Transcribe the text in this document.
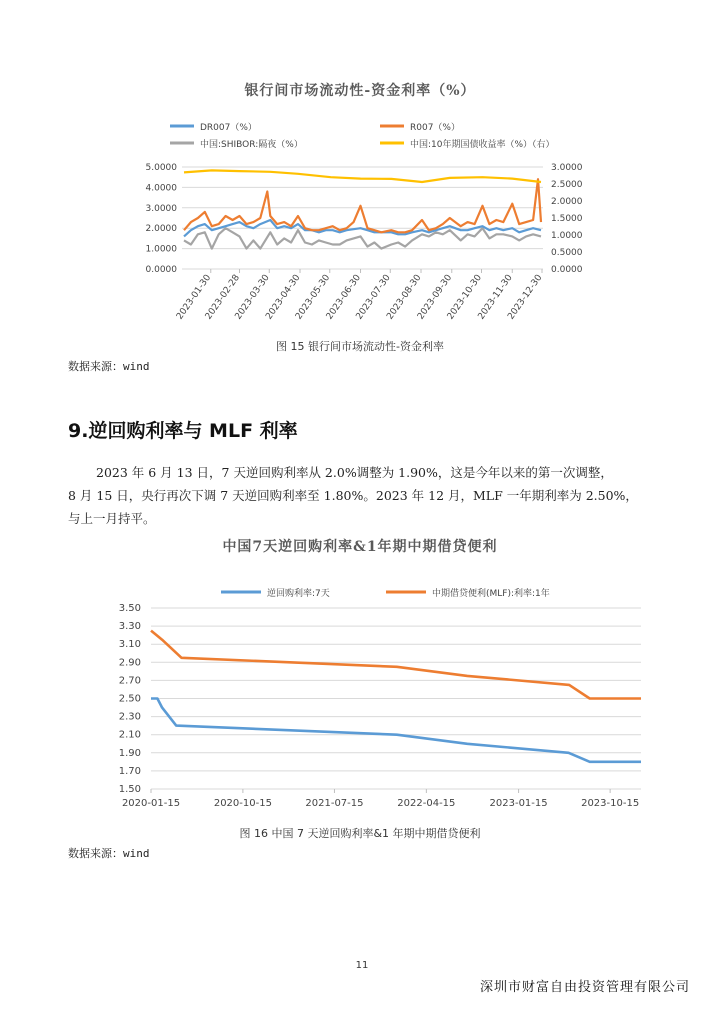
银行间市场流动性-资金利率（%）
DR007（%）	R007（%）
中国:SHIBOR:隔夜（%）	中国:10年期国债收益率（%）（右）
0.0000
1.0000
2.0000
3.0000
4.0000
5.0000
0.0000
0.5000
1.0000
1.5000
2.0000
2.5000
3.0000
2023-01-30
2023-02-28
2023-03-30
2023-04-30
2023-05-30
2023-06-30
2023-07-30
2023-08-30
2023-09-30
2023-10-30
2023-11-30
2023-12-30
图 15 银行间市场流动性-资金利率
数据来源：wind
9.逆回购利率与 MLF 利率
2023 年 6 月 13 日，7 天逆回购利率从 2.0%调整为 1.90%，这是今年以来的第一次调整，
8 月 15 日，央行再次下调 7 天逆回购利率至 1.80%。2023 年 12 月，MLF 一年期利率为 2.50%，
与上一月持平。
中国7天逆回购利率&1年期中期借贷便利
逆回购利率:7天	中期借贷便利(MLF):利率:1年
1.50
1.70
1.90
2.10
2.30
2.50
2.70
2.90
3.10
3.30
3.50
2020-01-15	2020-10-15	2021-07-15	2022-04-15	2023-01-15	2023-10-15
图 16 中国 7 天逆回购利率&1 年期中期借贷便利
数据来源：wind
11
深圳市财富自由投资管理有限公司
